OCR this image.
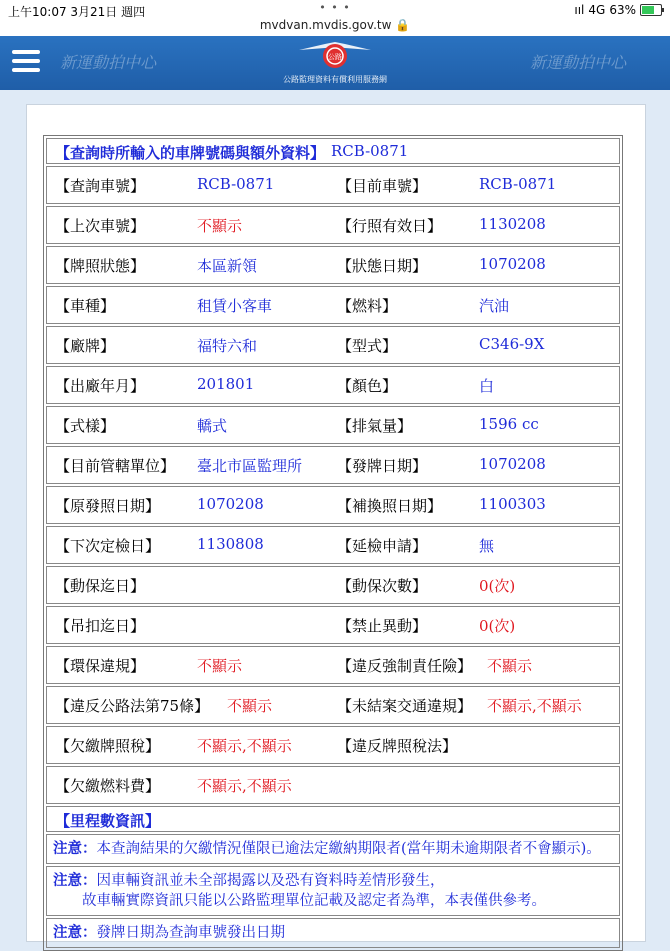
上午10:07 3月21日 週四	• • •
mvdvan.mvdis.gov.tw 🔒
ııl 4G 63%
新運動拍中心	新運動拍中心
公路
公路監理資料有償利用服務網
【查詢時所輸入的車牌號碼與額外資料】 RCB-0871
【查詢車號】	RCB-0871	【目前車號】	RCB-0871
【上次車號】	不顯示	【行照有效日】 1130208
【牌照狀態】	本區新領	【狀態日期】	1070208
【車種】	租賃小客車	【燃料】	汽油
【廠牌】	福特六和	【型式】	C346-9X
【出廠年月】	201801	【顏色】	白
【式樣】	轎式	【排氣量】	1596 cc
【目前管轄單位】 臺北市區監理所 【發牌日期】	1070208
【原發照日期】 1070208	【補換照日期】 1100303
【下次定檢日】 1130808	【延檢申請】	無
【動保迄日】	【動保次數】	0(次)
【吊扣迄日】	【禁止異動】	0(次)
【環保違規】	不顯示	【違反強制責任險】 不顯示
【違反公路法第75條】 不顯示	【未結案交通違規】 不顯示,不顯示
【欠繳牌照稅】 不顯示,不顯示	【違反牌照稅法】
【欠繳燃料費】 不顯示,不顯示
【里程數資訊】
注意：本查詢結果的欠繳情況僅限已逾法定繳納期限者(當年期未逾期限者不會顯示)。
注意：因車輛資訊並未全部揭露以及恐有資料時差情形發生，
　　故車輛實際資訊只能以公路監理單位記載及認定者為準，本表僅供參考。
注意：發牌日期為查詢車號發出日期
